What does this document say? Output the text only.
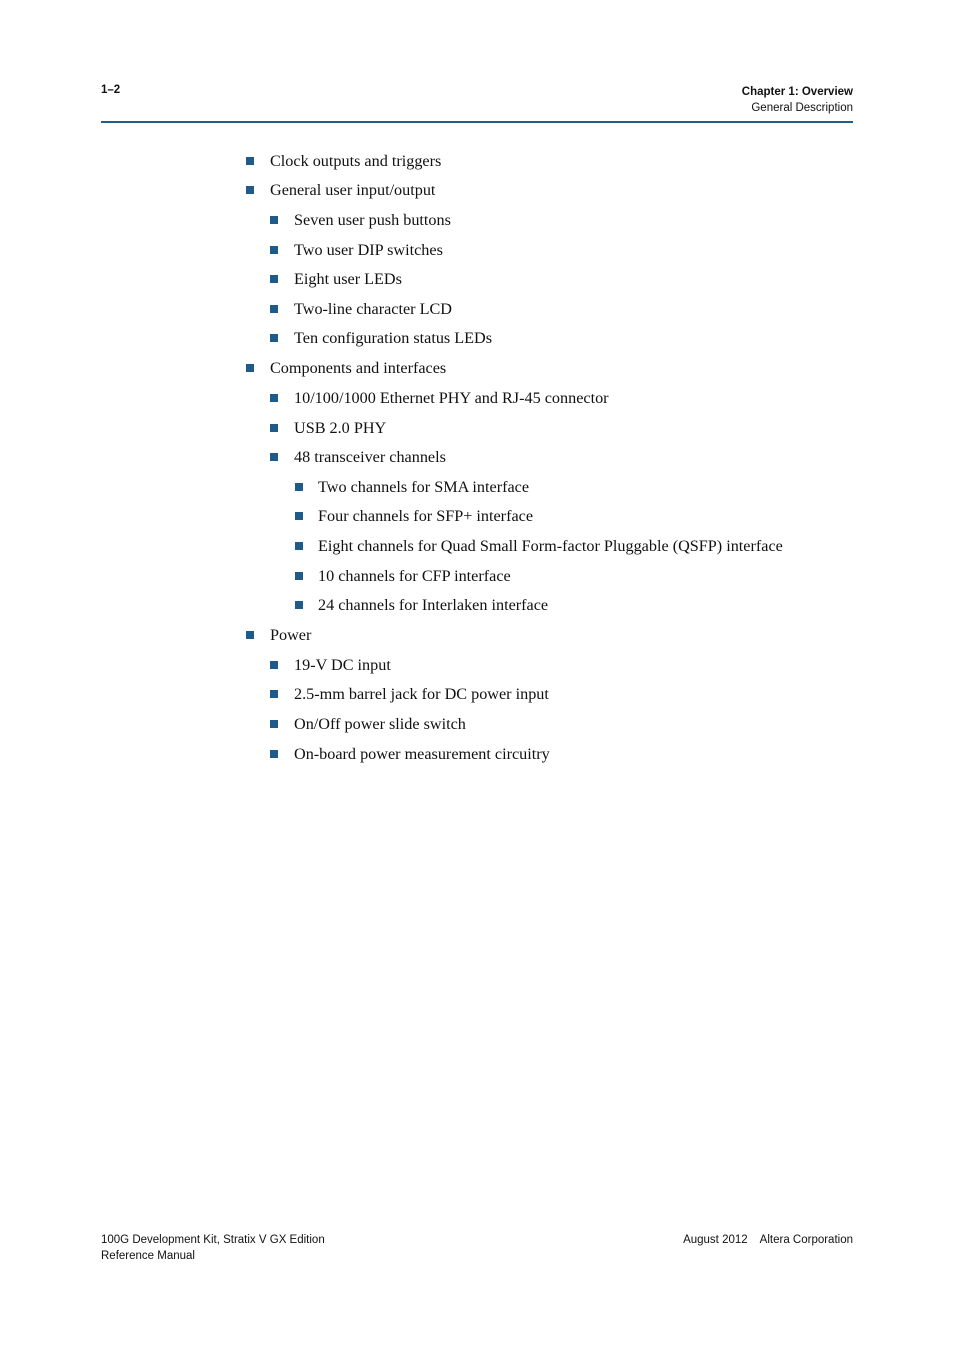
1–2	Chapter 1: Overview
General Description
Clock outputs and triggers
General user input/output
Seven user push buttons
Two user DIP switches
Eight user LEDs
Two-line character LCD
Ten configuration status LEDs
Components and interfaces
10/100/1000 Ethernet PHY and RJ-45 connector
USB 2.0 PHY
48 transceiver channels
Two channels for SMA interface
Four channels for SFP+ interface
Eight channels for Quad Small Form-factor Pluggable (QSFP) interface
10 channels for CFP interface
24 channels for Interlaken interface
Power
19-V DC input
2.5-mm barrel jack for DC power input
On/Off power slide switch
On-board power measurement circuitry
100G Development Kit, Stratix V GX Edition
Reference Manual
August 2012 Altera Corporation
